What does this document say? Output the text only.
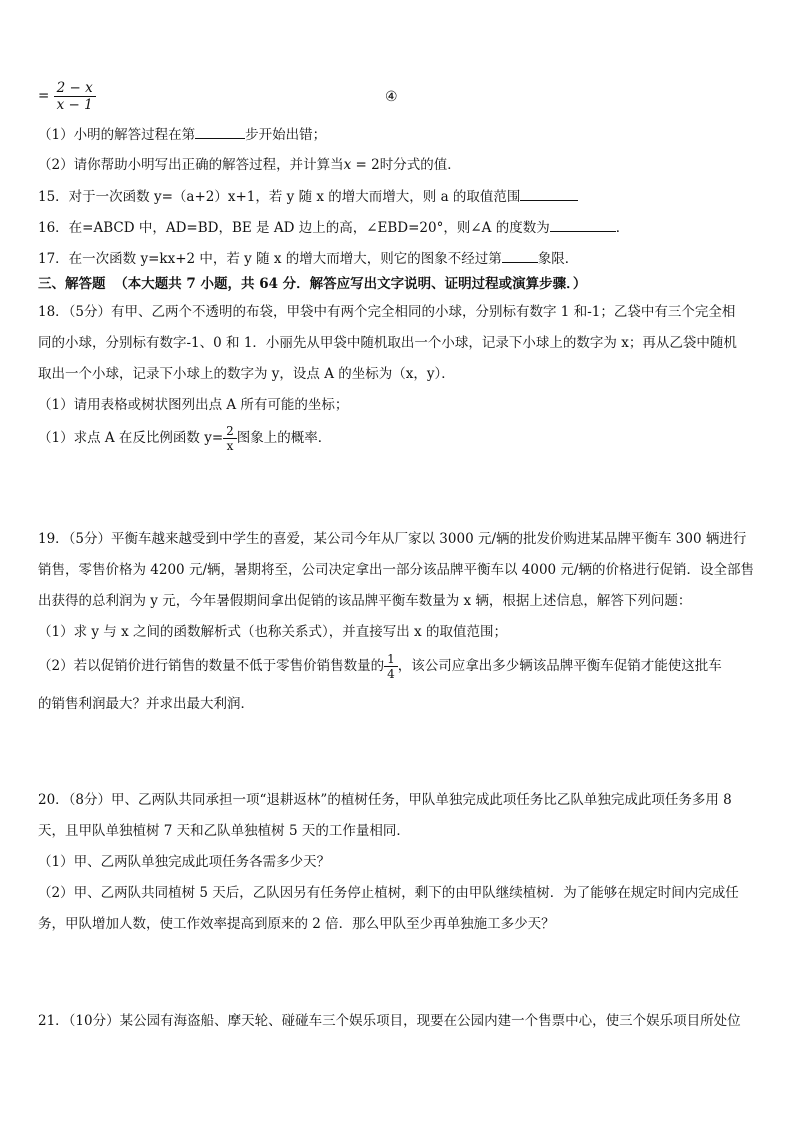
= $\frac{2 - x}{x - 1}$	④
（1）小明的解答过程在第	步开始出错；
（2）请你帮助小明写出正确的解答过程，并计算当x = 2时分式的值．
15．对于一次函数 y=（a+2）x+1，若 y 随 x 的增大而增大，则 a 的取值范围
16．在=ABCD 中，AD=BD，BE 是 AD 边上的高，∠EBD=20°，则∠A 的度数为	．
17．在一次函数 y=kx+2 中，若 y 随 x 的增大而增大，则它的图象不经过第	象限．
三、解答题 （本大题共 7 小题，共 64 分．解答应写出文字说明、证明过程或演算步骤．）
18．（5分）有甲、乙两个不透明的布袋，甲袋中有两个完全相同的小球，分别标有数字 1 和-1；乙袋中有三个完全相
同的小球，分别标有数字-1、0 和 1．小丽先从甲袋中随机取出一个小球，记录下小球上的数字为 x；再从乙袋中随机
取出一个小球，记录下小球上的数字为 y，设点 A 的坐标为（x，y）．
（1）请用表格或树状图列出点 A 所有可能的坐标；
（1）求点 A 在反比例函数 $y= \frac{2}{x}$ 图象上的概率．
19．（5分）平衡车越来越受到中学生的喜爱，某公司今年从厂家以 3000 元/辆的批发价购进某品牌平衡车 300 辆进行
销售，零售价格为 4200 元/辆，暑期将至，公司决定拿出一部分该品牌平衡车以 4000 元/辆的价格进行促销．设全部售
出获得的总利润为 y 元，今年暑假期间拿出促销的该品牌平衡车数量为 x 辆，根据上述信息，解答下列问题：
（1）求 y 与 x 之间的函数解析式（也称关系式），并直接写出 x 的取值范围；
（2）若以促销价进行销售的数量不低于零售价销售数量的 $\frac{1}{4}$ ，该公司应拿出多少辆该品牌平衡车促销才能使这批车
的销售利润最大？并求出最大利润．
20．（8分）甲、乙两队共同承担一项“退耕返林”的植树任务，甲队单独完成此项任务比乙队单独完成此项任务多用 8
天，且甲队单独植树 7 天和乙队单独植树 5 天的工作量相同．
（1）甲、乙两队单独完成此项任务各需多少天？
（2）甲、乙两队共同植树 5 天后，乙队因另有任务停止植树，剩下的由甲队继续植树．为了能够在规定时间内完成任
务，甲队增加人数，使工作效率提高到原来的 2 倍．那么甲队至少再单独施工多少天？
21．（10分）某公园有海盗船、摩天轮、碰碰车三个娱乐项目，现要在公园内建一个售票中心，使三个娱乐项目所处位
